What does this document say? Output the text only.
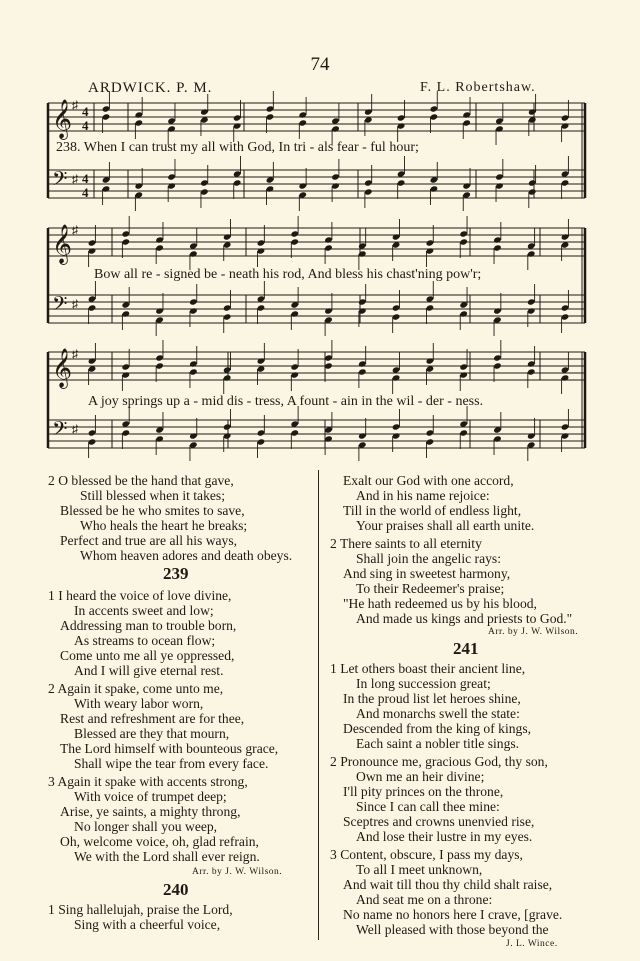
74
ARDWICK. P. M.	F. L. Robertshaw.
𝄞 ♯ 4
4
𝄢 ♯ 4
4
𝄞 ♯
𝄢 ♯
𝄞 ♯
𝄢 ♯
238. When I can trust my all with God, In tri - als fear - ful hour;
Bow all re - signed be - neath his rod, And bless his chast'ning pow'r;
A joy springs up a - mid dis - tress, A fount - ain in the wil - der - ness.
2 O blessed be the hand that gave,
Still blessed when it takes;
Blessed be he who smites to save,
Who heals the heart he breaks;
Perfect and true are all his ways,
Whom heaven adores and death obeys.
239
1 I heard the voice of love divine,
In accents sweet and low;
Addressing man to trouble born,
As streams to ocean flow;
Come unto me all ye oppressed,
And I will give eternal rest.
2 Again it spake, come unto me,
With weary labor worn,
Rest and refreshment are for thee,
Blessed are they that mourn,
The Lord himself with bounteous grace,
Shall wipe the tear from every face.
3 Again it spake with accents strong,
With voice of trumpet deep;
Arise, ye saints, a mighty throng,
No longer shall you weep,
Oh, welcome voice, oh, glad refrain,
We with the Lord shall ever reign.
Arr. by J. W. Wilson.
240
1 Sing hallelujah, praise the Lord,
Sing with a cheerful voice,
Exalt our God with one accord,
And in his name rejoice:
Till in the world of endless light,
Your praises shall all earth unite.
2 There saints to all eternity
Shall join the angelic rays:
And sing in sweetest harmony,
To their Redeemer's praise;
"He hath redeemed us by his blood,
And made us kings and priests to God."
Arr. by J. W. Wilson.
241
1 Let others boast their ancient line,
In long succession great;
In the proud list let heroes shine,
And monarchs swell the state:
Descended from the king of kings,
Each saint a nobler title sings.
2 Pronounce me, gracious God, thy son,
Own me an heir divine;
I'll pity princes on the throne,
Since I can call thee mine:
Sceptres and crowns unenvied rise,
And lose their lustre in my eyes.
3 Content, obscure, I pass my days,
To all I meet unknown,
And wait till thou thy child shalt raise,
And seat me on a throne:
No name no honors here I crave, [grave.
Well pleased with those beyond the
J. L. Wince.
